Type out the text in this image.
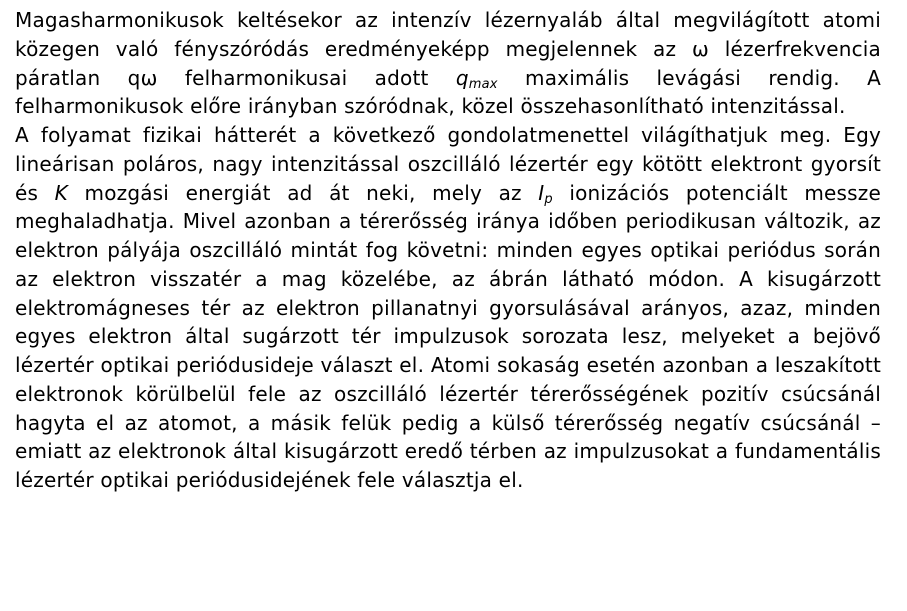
Magasharmonikusok keltésekor az intenzív lézernyaláb által megvilágított atomi közegen való fényszóródás eredményeképp megjelennek az ω lézerfrekvencia páratlan qω felharmonikusai adott $q_{max}$ maximális levágási rendig. A felharmonikusok előre irányban szóródnak, közel összehasonlítható intenzitással.

A folyamat fizikai hátterét a következő gondolatmenettel világíthatjuk meg. Egy lineárisan poláros, nagy intenzitással oszcilláló lézertér egy kötött elektront gyorsít és K mozgási energiát ad át neki, mely az $I_p$ ionizációs potenciált messze meghaladhatja. Mivel azonban a térerősség iránya időben periodikusan változik, az elektron pályája oszcilláló mintát fog követni: minden egyes optikai periódus során az elektron visszatér a mag közelébe, az ábrán látható módon. A kisugárzott elektromágneses tér az elektron pillanatnyi gyorsulásával arányos, azaz, minden egyes elektron által sugárzott tér impulzusok sorozata lesz, melyeket a bejövő lézertér optikai periódusideje választ el. Atomi sokaság esetén azonban a leszakított elektronok körülbelül fele az oszcilláló lézertér térerősségének pozitív csúcsánál hagyta el az atomot, a másik felük pedig a külső térerősség negatív csúcsánál – emiatt az elektronok által kisugárzott eredő térben az impulzusokat a fundamentális lézertér optikai periódusidejének fele választja el.
